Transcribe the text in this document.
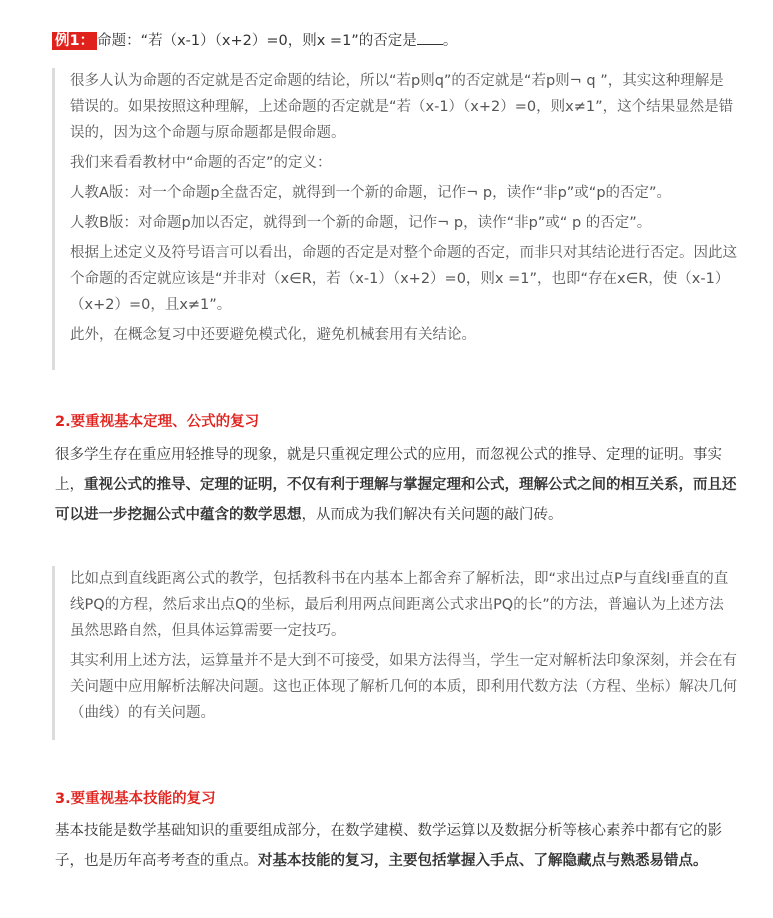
例1： 命题：“若（x-1）（x+2）=0，则x =1”的否定是 。

很多人认为命题的否定就是否定命题的结论，所以“若p则q”的否定就是“若p则¬ q ”，其实这种理解是错误的。如果按照这种理解，上述命题的否定就是“若（x-1）（x+2）=0，则x≠1”，这个结果显然是错误的，因为这个命题与原命题都是假命题。

我们来看看教材中“命题的否定”的定义：

人教A版：对一个命题p全盘否定，就得到一个新的命题，记作¬ p，读作“非p”或“p的否定”。

人教B版：对命题p加以否定，就得到一个新的命题，记作¬ p，读作“非p”或“ p 的否定”。

根据上述定义及符号语言可以看出，命题的否定是对整个命题的否定，而非只对其结论进行否定。因此这个命题的否定就应该是“并非对（x∈R，若（x-1）（x+2）=0，则x =1”，也即“存在x∈R，使（x-1）（x+2）=0，且x≠1”。

此外，在概念复习中还要避免模式化，避免机械套用有关结论。

2.要重视基本定理、公式的复习

很多学生存在重应用轻推导的现象，就是只重视定理公式的应用，而忽视公式的推导、定理的证明。事实上，重视公式的推导、定理的证明，不仅有利于理解与掌握定理和公式，理解公式之间的相互关系，而且还可以进一步挖掘公式中蕴含的数学思想，从而成为我们解决有关问题的敲门砖。

比如点到直线距离公式的教学，包括教科书在内基本上都舍弃了解析法，即“求出过点P与直线l垂直的直线PQ的方程，然后求出点Q的坐标，最后利用两点间距离公式求出PQ的长”的方法，普遍认为上述方法虽然思路自然，但具体运算需要一定技巧。

其实利用上述方法，运算量并不是大到不可接受，如果方法得当，学生一定对解析法印象深刻，并会在有关问题中应用解析法解决问题。这也正体现了解析几何的本质，即利用代数方法（方程、坐标）解决几何（曲线）的有关问题。

3.要重视基本技能的复习

基本技能是数学基础知识的重要组成部分，在数学建模、数学运算以及数据分析等核心素养中都有它的影子，也是历年高考考查的重点。对基本技能的复习，主要包括掌握入手点、了解隐藏点与熟悉易错点。
